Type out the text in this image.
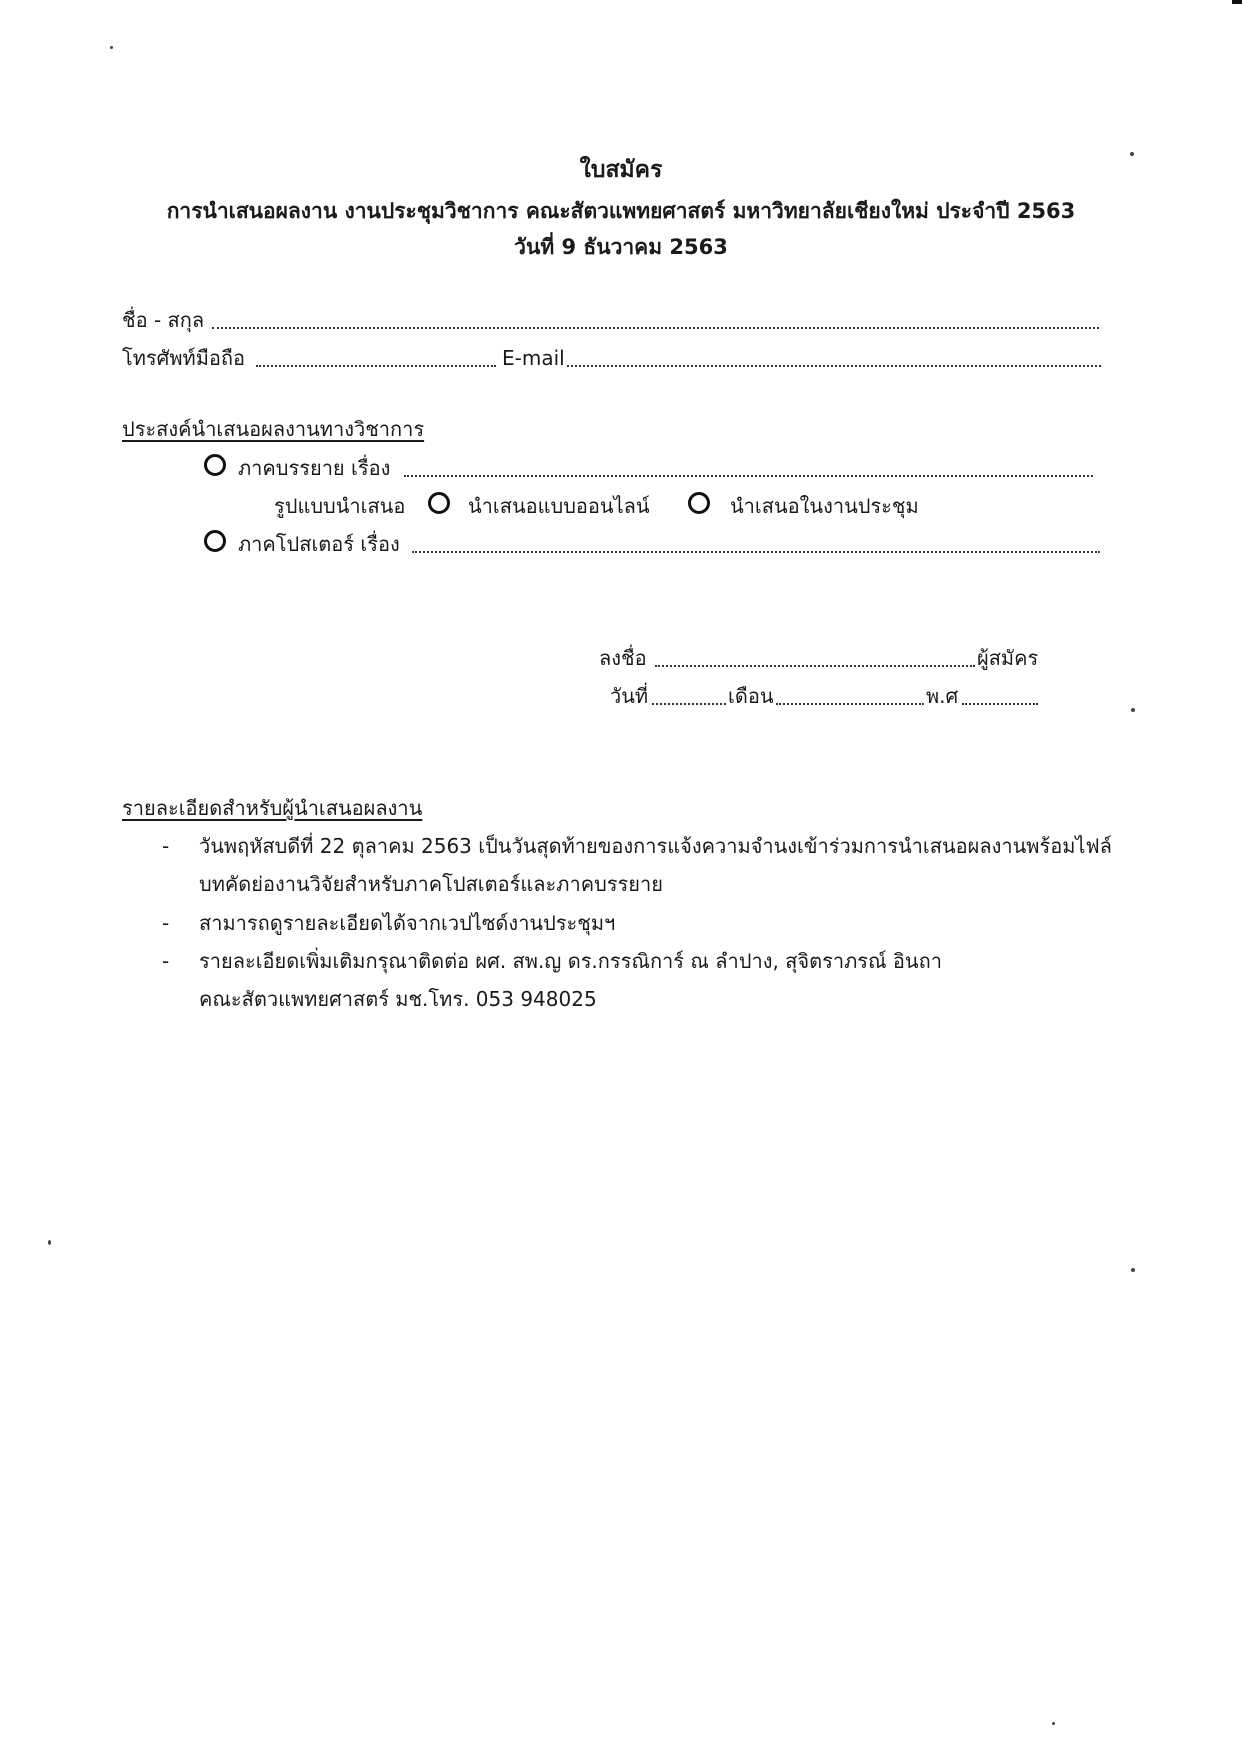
ใบสมัคร
การนำเสนอผลงาน งานประชุมวิชาการ คณะสัตวแพทยศาสตร์ มหาวิทยาลัยเชียงใหม่ ประจำปี 2563
วันที่ 9 ธันวาคม 2563
ชื่อ - สกุล
โทรศัพท์มือถือ	E-mail
ประสงค์นำเสนอผลงานทางวิชาการ
ภาคบรรยาย เรื่อง
รูปแบบนำเสนอ	นำเสนอแบบออนไลน์	นำเสนอในงานประชุม
ภาคโปสเตอร์ เรื่อง
ลงชื่อ	ผู้สมัคร
วันที่	เดือน	พ.ศ
รายละเอียดสำหรับผู้นำเสนอผลงาน
- วันพฤหัสบดีที่ 22 ตุลาคม 2563 เป็นวันสุดท้ายของการแจ้งความจำนงเข้าร่วมการนำเสนอผลงานพร้อมไฟล์
บทคัดย่องานวิจัยสำหรับภาคโปสเตอร์และภาคบรรยาย
- สามารถดูรายละเอียดได้จากเวปไซด์งานประชุมฯ
- รายละเอียดเพิ่มเติมกรุณาติดต่อ ผศ. สพ.ญ ดร.กรรณิการ์ ณ ลำปาง, สุจิตราภรณ์ อินถา
คณะสัตวแพทยศาสตร์ มช.โทร. 053 948025
